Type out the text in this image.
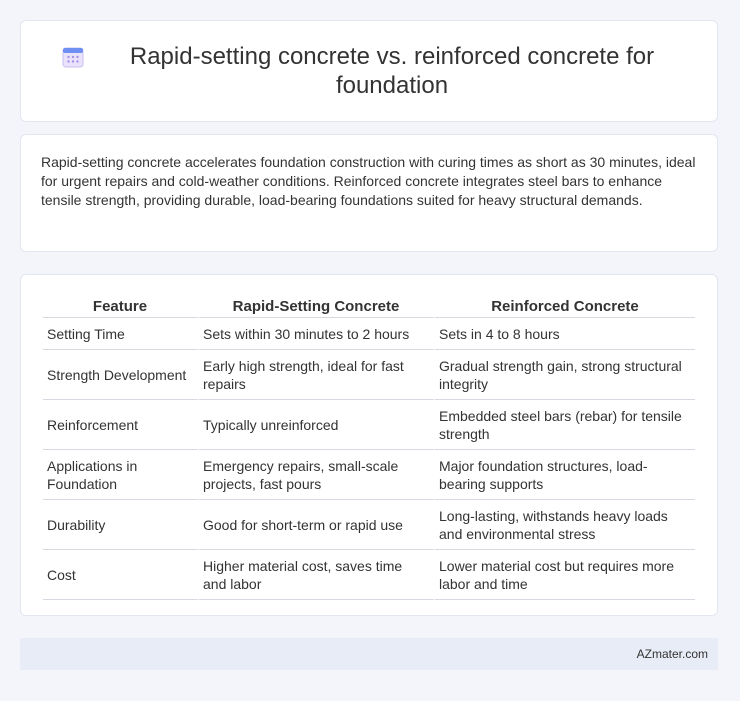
Rapid-setting concrete vs. reinforced concrete for foundation

Rapid-setting concrete accelerates foundation construction with curing times as short as 30 minutes, ideal for urgent repairs and cold-weather conditions. Reinforced concrete integrates steel bars to enhance tensile strength, providing durable, load-bearing foundations suited for heavy structural demands.

Feature	Rapid-Setting Concrete	Reinforced Concrete
Setting Time	Sets within 30 minutes to 2 hours	Sets in 4 to 8 hours
Strength Development	Early high strength, ideal for fast repairs	Gradual strength gain, strong structural integrity
Reinforcement	Typically unreinforced	Embedded steel bars (rebar) for tensile strength
Applications in Foundation	Emergency repairs, small-scale projects, fast pours	Major foundation structures, load-bearing supports
Durability	Good for short-term or rapid use	Long-lasting, withstands heavy loads and environmental stress
Cost	Higher material cost, saves time and labor	Lower material cost but requires more labor and time
AZmater.com
